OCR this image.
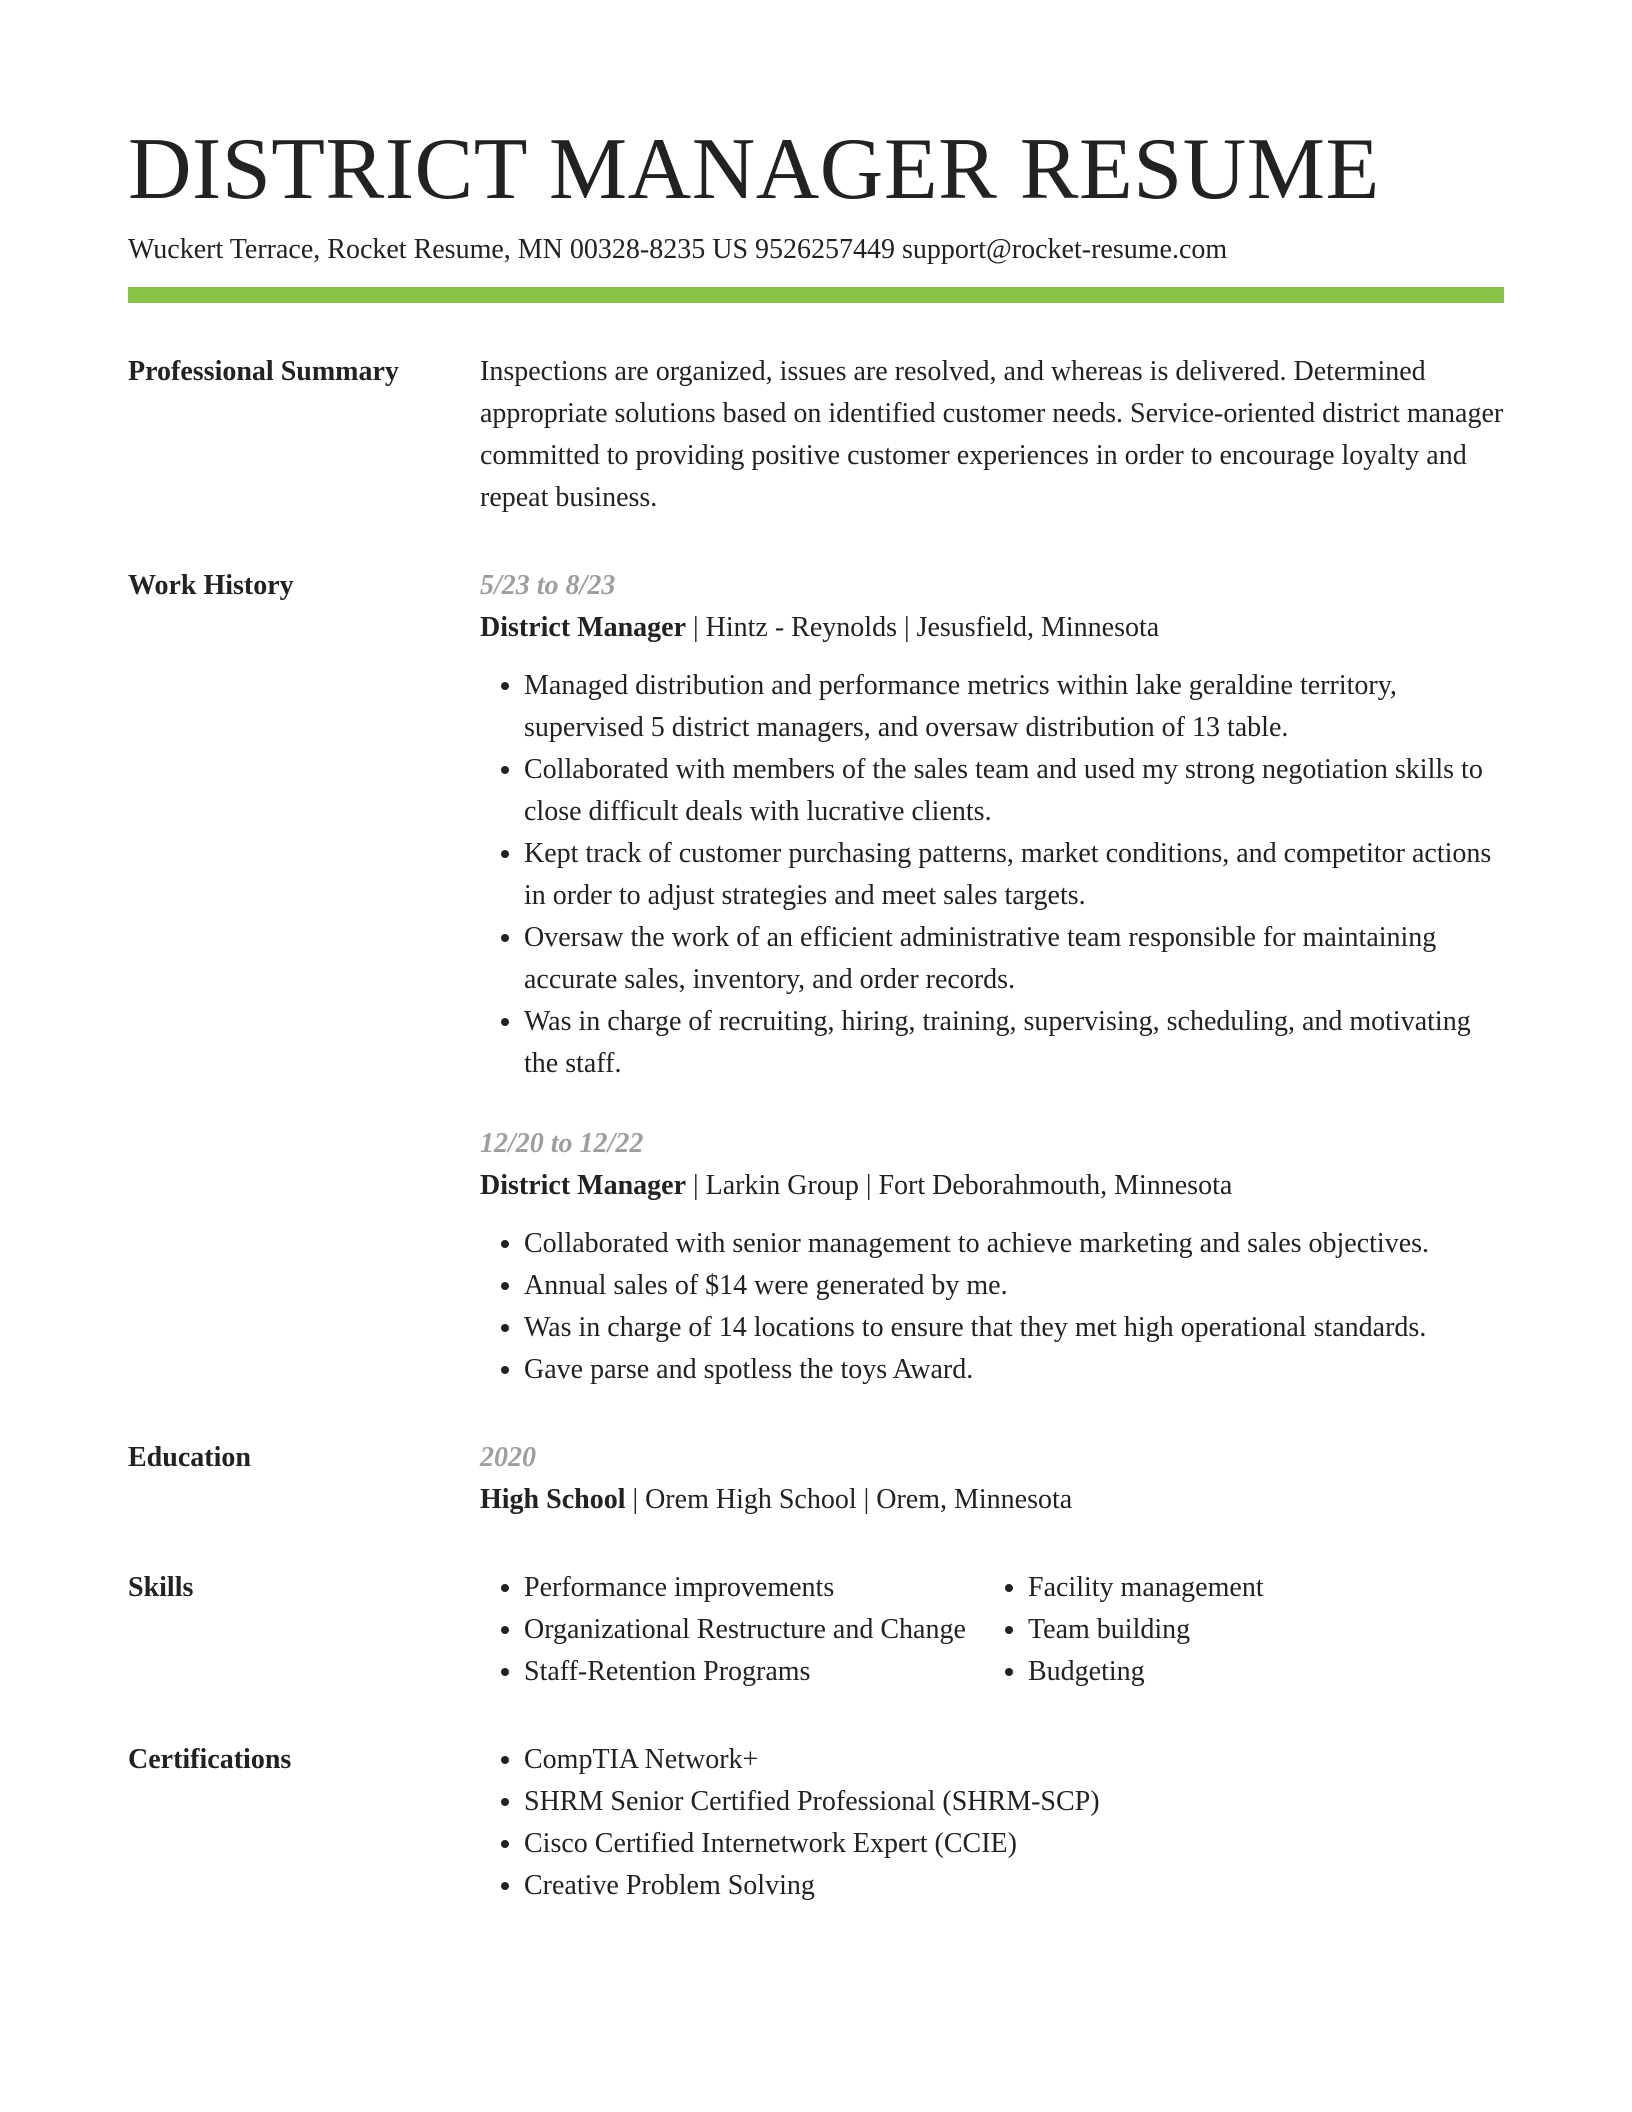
DISTRICT MANAGER RESUME
Wuckert Terrace, Rocket Resume, MN 00328-8235 US 9526257449 support@rocket-resume.com
Professional Summary	Inspections are organized, issues are resolved, and whereas is delivered. Determined appropriate solutions based on identified customer needs. Service-oriented district manager committed to providing positive customer experiences in order to encourage loyalty and repeat business.

Work History	5/23 to 8/23
District Manager | Hintz - Reynolds | Jesusfield, Minnesota
• Managed distribution and performance metrics within lake geraldine territory, supervised 5 district managers, and oversaw distribution of 13 table.
• Collaborated with members of the sales team and used my strong negotiation skills to close difficult deals with lucrative clients.
• Kept track of customer purchasing patterns, market conditions, and competitor actions in order to adjust strategies and meet sales targets.
• Oversaw the work of an efficient administrative team responsible for maintaining accurate sales, inventory, and order records.
• Was in charge of recruiting, hiring, training, supervising, scheduling, and motivating the staff.
12/20 to 12/22
District Manager | Larkin Group | Fort Deborahmouth, Minnesota
• Collaborated with senior management to achieve marketing and sales objectives.
• Annual sales of $14 were generated by me.
• Was in charge of 14 locations to ensure that they met high operational standards.
• Gave parse and spotless the toys Award.
Education	2020
High School | Orem High School | Orem, Minnesota
Skills	• Performance improvements
• Organizational Restructure and Change
• Staff-Retention Programs
• Facility management
• Team building
• Budgeting
Certifications	• CompTIA Network+
• SHRM Senior Certified Professional (SHRM-SCP)
• Cisco Certified Internetwork Expert (CCIE)
• Creative Problem Solving
